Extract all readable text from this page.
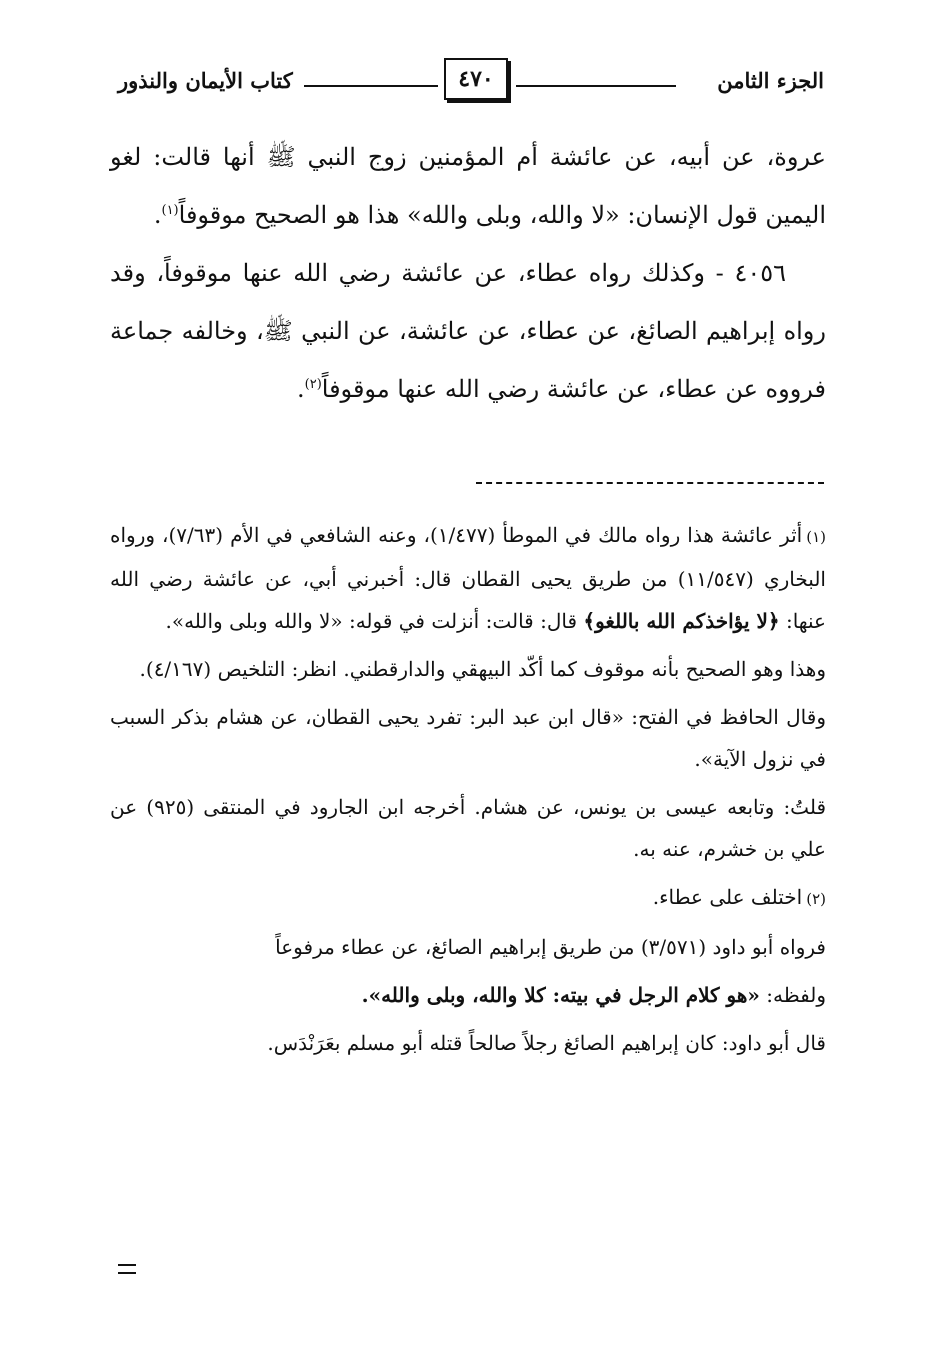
كتاب الأيمان والنذور	٤٧٠	الجزء الثامن

عروة، عن أبيه، عن عائشة أم المؤمنين زوج النبي ﷺ أنها قالت: لغو اليمين قول الإنسان: «لا والله، وبلى والله» هذا هو الصحيح موقوفاً$^{(١)}$.

٤٠٥٦ - وكذلك رواه عطاء، عن عائشة رضي الله عنها موقوفاً، وقد رواه إبراهيم الصائغ، عن عطاء، عن عائشة، عن النبي ﷺ، وخالفه جماعة فرووه عن عطاء، عن عائشة رضي الله عنها موقوفاً$^{(٢)}$.

(١)أثر عائشة هذا رواه مالك في الموطأ (١/٤٧٧)، وعنه الشافعي في الأم (٧/٦٣)، ورواه البخاري (١١/٥٤٧) من طريق يحيى القطان قال: أخبرني أبي، عن عائشة رضي الله عنها: ﴿لا يؤاخذكم الله باللغو﴾ قال: قالت: أنزلت في قوله: «لا والله وبلى والله».

وهذا وهو الصحيح بأنه موقوف كما أكّد البيهقي والدارقطني. انظر: التلخيص (٤/١٦٧).

وقال الحافظ في الفتح: «قال ابن عبد البر: تفرد يحيى القطان، عن هشام بذكر السبب في نزول الآية».

قلتُ: وتابعه عيسى بن يونس، عن هشام. أخرجه ابن الجارود في المنتقى (٩٢٥) عن علي بن خشرم، عنه به.

(٢)اختلف على عطاء.

فرواه أبو داود (٣/٥٧١) من طريق إبراهيم الصائغ، عن عطاء مرفوعاً

ولفظه: «هو كلام الرجل في بيته: كلا والله، وبلى والله».

قال أبو داود: كان إبراهيم الصائغ رجلاً صالحاً قتله أبو مسلم بعَرَنْدَس.
